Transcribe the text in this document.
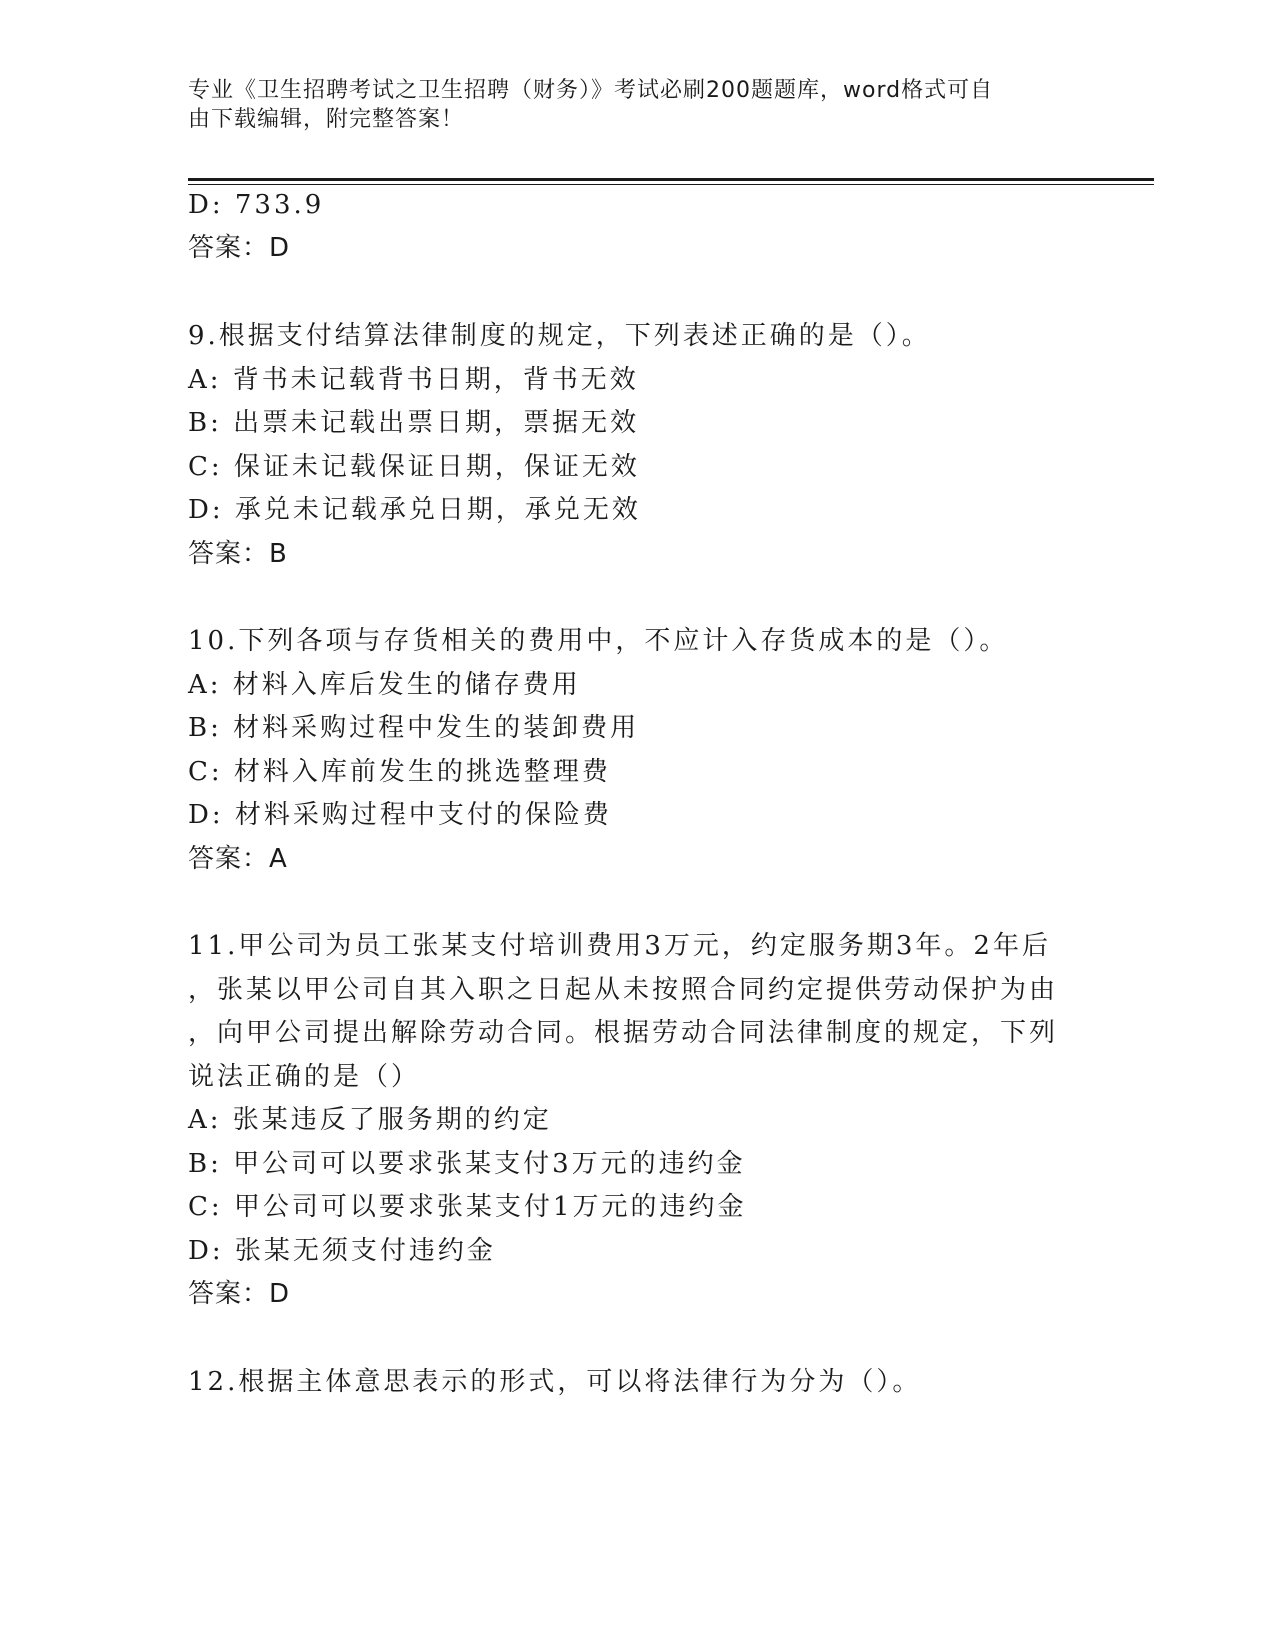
专业《卫生招聘考试之卫生招聘（财务）》考试必刷200题题库，word格式可自
由下载编辑，附完整答案！
D: 733.9
答案：D
9.根据支付结算法律制度的规定，下列表述正确的是（）。
A: 背书未记载背书日期，背书无效
B: 出票未记载出票日期，票据无效
C: 保证未记载保证日期，保证无效
D: 承兑未记载承兑日期，承兑无效
答案：B
10.下列各项与存货相关的费用中，不应计入存货成本的是（）。
A: 材料入库后发生的储存费用
B: 材料采购过程中发生的装卸费用
C: 材料入库前发生的挑选整理费
D: 材料采购过程中支付的保险费
答案：A
11.甲公司为员工张某支付培训费用3万元，约定服务期3年。2年后
，张某以甲公司自其入职之日起从未按照合同约定提供劳动保护为由
，向甲公司提出解除劳动合同。根据劳动合同法律制度的规定，下列
说法正确的是（）
A: 张某违反了服务期的约定
B: 甲公司可以要求张某支付3万元的违约金
C: 甲公司可以要求张某支付1万元的违约金
D: 张某无须支付违约金
答案：D
12.根据主体意思表示的形式，可以将法律行为分为（）。
